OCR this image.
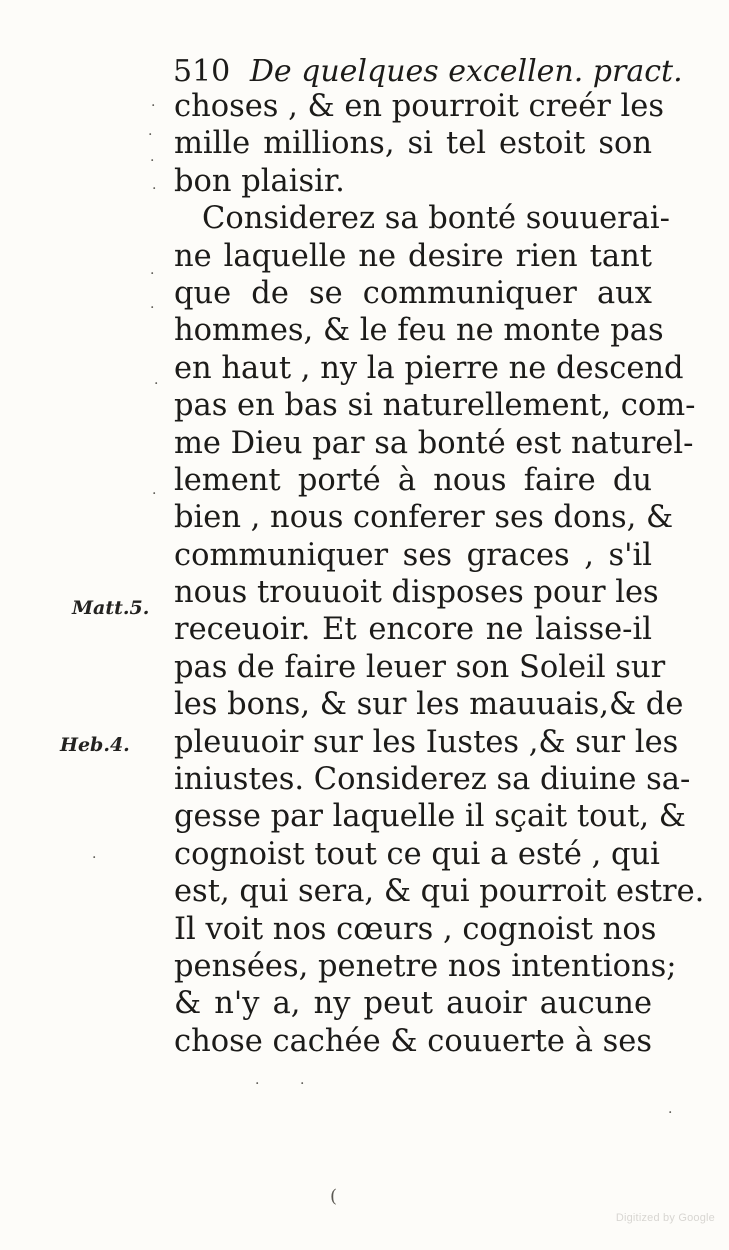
510 De quelques excellen. pract.
choses , & en pourroit creér les
mille millions, si tel estoit son
bon plaisir.
Considerez sa bonté souuerai-
ne laquelle ne desire rien tant
que de se communiquer aux
hommes, & le feu ne monte pas
en haut , ny la pierre ne descend
pas en bas si naturellement, com-
me Dieu par sa bonté est naturel-
lement porté à nous faire du
bien , nous conferer ses dons, &
communiquer ses graces , s'il
nous trouuoit disposes pour les
receuoir. Et encore ne laisse-il
pas de faire leuer son Soleil sur
les bons, & sur les mauuais,& de
pleuuoir sur les Iustes ,& sur les
iniustes. Considerez sa diuine sa-
gesse par laquelle il sçait tout, &
cognoist tout ce qui a esté , qui
est, qui sera, & qui pourroit estre.
Il voit nos cœurs , cognoist nos
pensées, penetre nos intentions;
& n'y a, ny peut auoir aucune
chose cachée & couuerte à ses
Matt.5.
Heb.4.
·
.
·
·
·
·
·
·
·
·	·
(
·
Digitized by Google
